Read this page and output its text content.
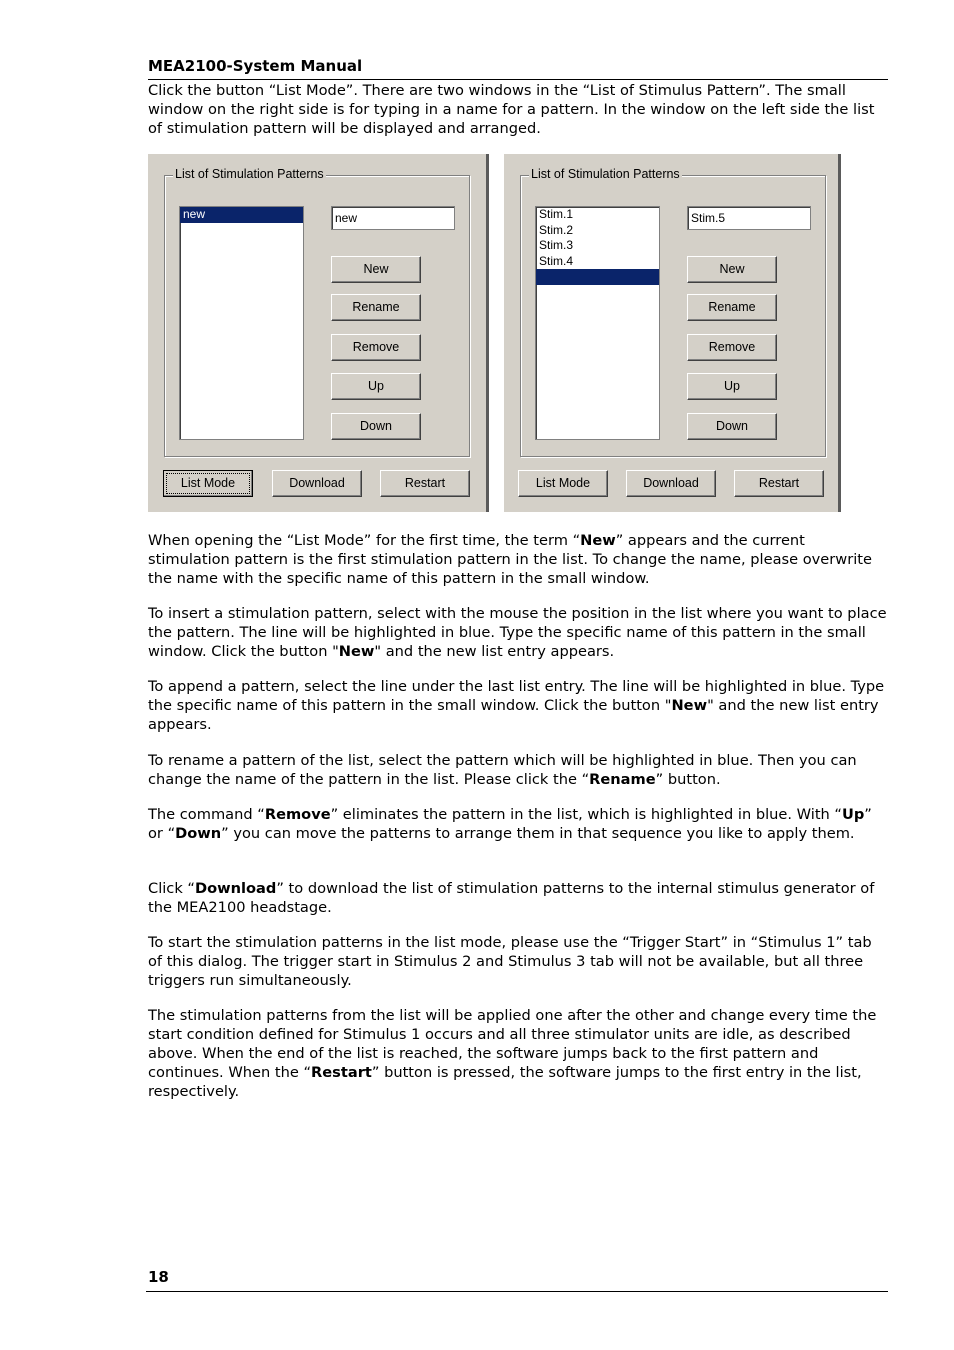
MEA2100-System Manual

Click the button “List Mode”. There are two windows in the “List of Stimulus Pattern”. The small window on the right side is for typing in a name for a pattern. In the window on the left side the list of stimulation pattern will be displayed and arranged.

List of Stimulation Patterns
new	new
New
Rename
Remove
Up
Down
List Mode	Download	Restart
List of Stimulation Patterns
Stim.1
Stim.2
Stim.3
Stim.4
Stim.5
New
Rename
Remove
Up
Down
List Mode	Download	Restart

When opening the “List Mode” for the first time, the term “New” appears and the current stimulation pattern is the first stimulation pattern in the list. To change the name, please overwrite the name with the specific name of this pattern in the small window.

To insert a stimulation pattern, select with the mouse the position in the list where you want to place the pattern. The line will be highlighted in blue. Type the specific name of this pattern in the small window. Click the button "New" and the new list entry appears.

To append a pattern, select the line under the last list entry. The line will be highlighted in blue. Type the specific name of this pattern in the small window. Click the button "New" and the new list entry appears.

To rename a pattern of the list, select the pattern which will be highlighted in blue. Then you can change the name of the pattern in the list. Please click the “Rename” button.

The command “Remove” eliminates the pattern in the list, which is highlighted in blue. With “Up” or “Down” you can move the patterns to arrange them in that sequence you like to apply them.

Click “Download” to download the list of stimulation patterns to the internal stimulus generator of the MEA2100 headstage.

To start the stimulation patterns in the list mode, please use the “Trigger Start” in “Stimulus 1” tab of this dialog. The trigger start in Stimulus 2 and Stimulus 3 tab will not be available, but all three triggers run simultaneously.

The stimulation patterns from the list will be applied one after the other and change every time the start condition defined for Stimulus 1 occurs and all three stimulator units are idle, as described above. When the end of the list is reached, the software jumps back to the first pattern and continues. When the “Restart” button is pressed, the software jumps to the first entry in the list, respectively.

18
